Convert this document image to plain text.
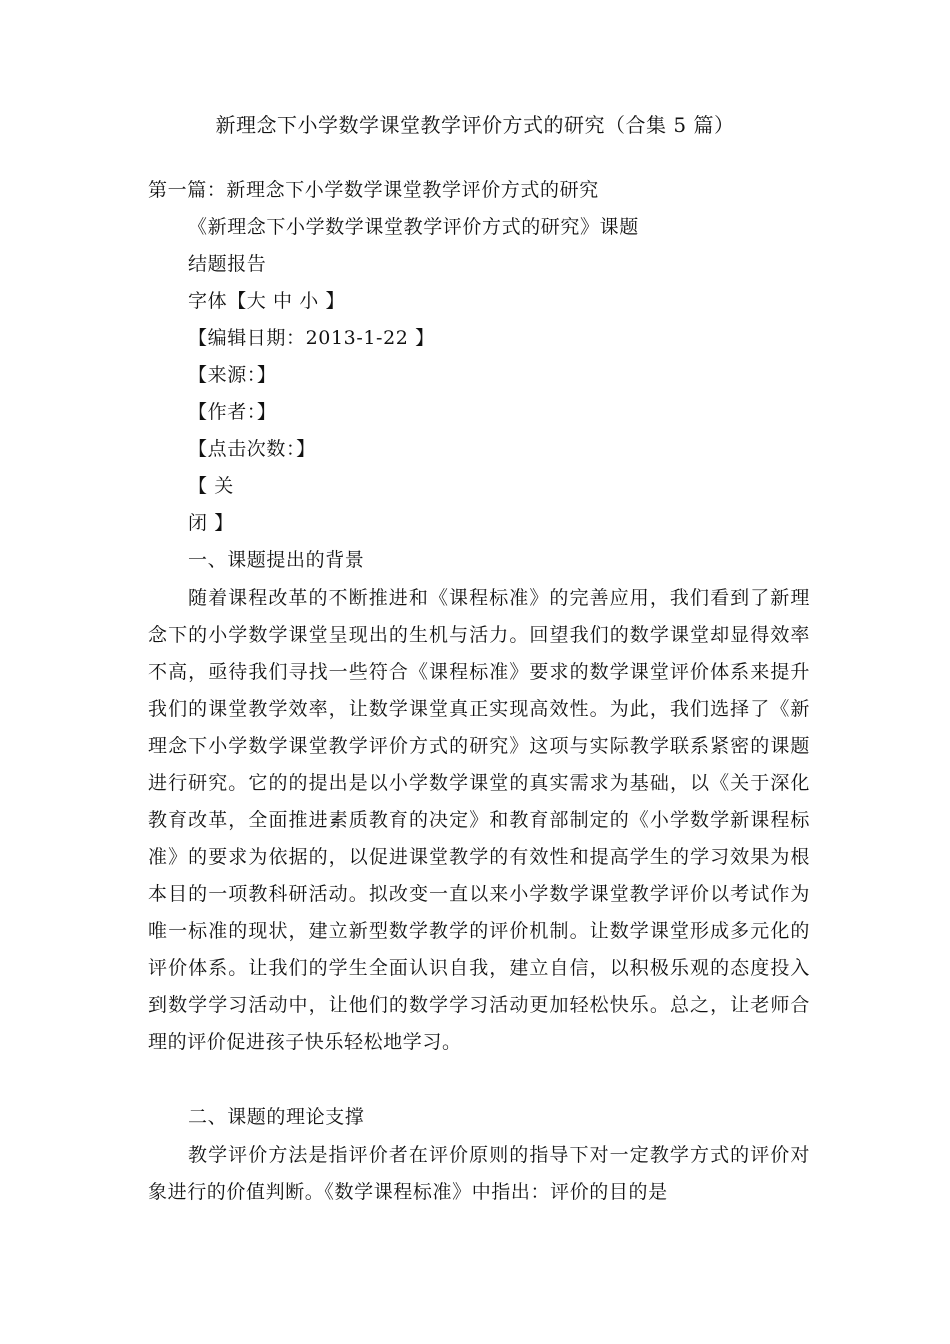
新理念下小学数学课堂教学评价方式的研究（合集 5 篇）
第一篇：新理念下小学数学课堂教学评价方式的研究
《新理念下小学数学课堂教学评价方式的研究》课题
结题报告
字体【大 中 小 】
【编辑日期：2013-1-22 】
【来源：】
【作者：】
【点击次数：】
【 关
闭 】
一、课题提出的背景
随着课程改革的不断推进和《课程标准》的完善应用，我们看到了新理念下的小学数学课堂呈现出的生机与活力。回望我们的数学课堂却显得效率不高，亟待我们寻找一些符合《课程标准》要求的数学课堂评价体系来提升我们的课堂教学效率，让数学课堂真正实现高效性。为此，我们选择了《新理念下小学数学课堂教学评价方式的研究》这项与实际教学联系紧密的课题进行研究。它的的提出是以小学数学课堂的真实需求为基础，以《关于深化教育改革，全面推进素质教育的决定》和教育部制定的《小学数学新课程标准》的要求为依据的，以促进课堂教学的有效性和提高学生的学习效果为根本目的一项教科研活动。拟改变一直以来小学数学课堂教学评价以考试作为唯一标准的现状，建立新型数学教学的评价机制。让数学课堂形成多元化的评价体系。让我们的学生全面认识自我，建立自信，以积极乐观的态度投入到数学学习活动中，让他们的数学学习活动更加轻松快乐。总之，让老师合理的评价促进孩子快乐轻松地学习。
二、课题的理论支撑
教学评价方法是指评价者在评价原则的指导下对一定教学方式的评价对象进行的价值判断。《数学课程标准》中指出：评价的目的是
